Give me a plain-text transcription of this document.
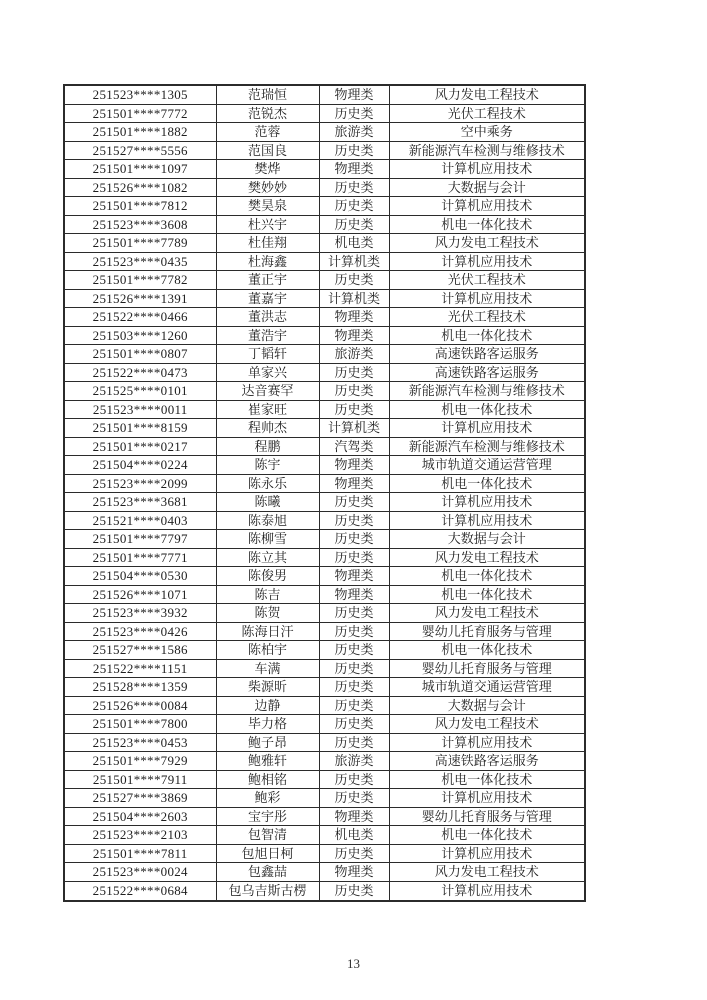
251523****1305	范瑞恒	物理类	风力发电工程技术
251501****7772	范锐杰	历史类	光伏工程技术
251501****1882	范蓉	旅游类	空中乘务
251527****5556	范国良	历史类	新能源汽车检测与维修技术
251501****1097	樊烨	物理类	计算机应用技术
251526****1082	樊妙妙	历史类	大数据与会计
251501****7812	樊昊泉	历史类	计算机应用技术
251523****3608	杜兴宇	历史类	机电一体化技术
251501****7789	杜佳翔	机电类	风力发电工程技术
251523****0435	杜海鑫	计算机类	计算机应用技术
251501****7782	董正宇	历史类	光伏工程技术
251526****1391	董嘉宇	计算机类	计算机应用技术
251522****0466	董洪志	物理类	光伏工程技术
251503****1260	董浩宇	物理类	机电一体化技术
251501****0807	丁韬轩	旅游类	高速铁路客运服务
251522****0473	单家兴	历史类	高速铁路客运服务
251525****0101	达音赛罕	历史类	新能源汽车检测与维修技术
251523****0011	崔家旺	历史类	机电一体化技术
251501****8159	程帅杰	计算机类	计算机应用技术
251501****0217	程鹏	汽驾类	新能源汽车检测与维修技术
251504****0224	陈宇	物理类	城市轨道交通运营管理
251523****2099	陈永乐	物理类	机电一体化技术
251523****3681	陈曦	历史类	计算机应用技术
251521****0403	陈泰旭	历史类	计算机应用技术
251501****7797	陈柳雪	历史类	大数据与会计
251501****7771	陈立其	历史类	风力发电工程技术
251504****0530	陈俊男	物理类	机电一体化技术
251526****1071	陈吉	物理类	机电一体化技术
251523****3932	陈贺	历史类	风力发电工程技术
251523****0426	陈海日汗	历史类	婴幼儿托育服务与管理
251527****1586	陈柏宇	历史类	机电一体化技术
251522****1151	车满	历史类	婴幼儿托育服务与管理
251528****1359	柴源昕	历史类	城市轨道交通运营管理
251526****0084	边静	历史类	大数据与会计
251501****7800	毕力格	历史类	风力发电工程技术
251523****0453	鲍子昂	历史类	计算机应用技术
251501****7929	鲍雅轩	旅游类	高速铁路客运服务
251501****7911	鲍相铭	历史类	机电一体化技术
251527****3869	鲍彩	历史类	计算机应用技术
251504****2603	宝宇彤	物理类	婴幼儿托育服务与管理
251523****2103	包智清	机电类	机电一体化技术
251501****7811	包旭日柯	历史类	计算机应用技术
251523****0024	包鑫喆	物理类	风力发电工程技术
251522****0684	包乌吉斯古楞	历史类	计算机应用技术
13
